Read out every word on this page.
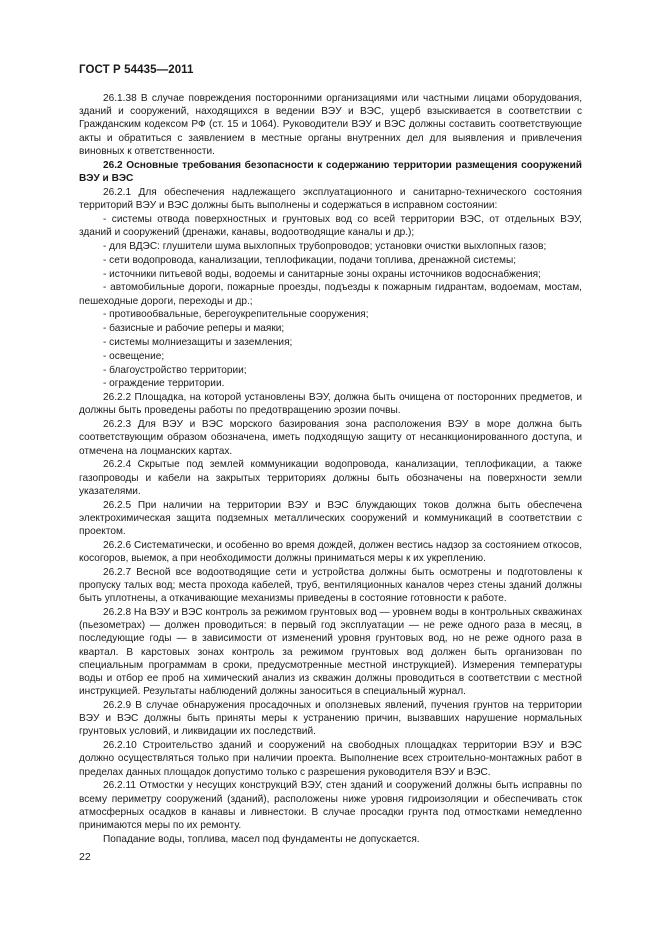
ГОСТ Р 54435—2011

26.1.38 В случае повреждения посторонними организациями или частными лицами оборудования, зданий и сооружений, находящихся в ведении ВЭУ и ВЭС, ущерб взыскивается в соответствии с Гражданским кодексом РФ (ст. 15 и 1064). Руководители ВЭУ и ВЭС должны составить соответствующие акты и обратиться с заявлением в местные органы внутренних дел для выявления и привлечения виновных к ответственности.

26.2 Основные требования безопасности к содержанию территории размещения сооружений ВЭУ и ВЭС

26.2.1 Для обеспечения надлежащего эксплуатационного и санитарно-технического состояния территорий ВЭУ и ВЭС должны быть выполнены и содержаться в исправном состоянии:

- системы отвода поверхностных и грунтовых вод со всей территории ВЭС, от отдельных ВЭУ, зданий и сооружений (дренажи, канавы, водоотводящие каналы и др.);

- для ВДЭС: глушители шума выхлопных трубопроводов; установки очистки выхлопных газов;

- сети водопровода, канализации, теплофикации, подачи топлива, дренажной системы;

- источники питьевой воды, водоемы и санитарные зоны охраны источников водоснабжения;

- автомобильные дороги, пожарные проезды, подъезды к пожарным гидрантам, водоемам, мостам, пешеходные дороги, переходы и др.;

- противообвальные, берегоукрепительные сооружения;

- базисные и рабочие реперы и маяки;

- системы молниезащиты и заземления;

- освещение;

- благоустройство территории;

- ограждение территории.

26.2.2 Площадка, на которой установлены ВЭУ, должна быть очищена от посторонних предметов, и должны быть проведены работы по предотвращению эрозии почвы.

26.2.3 Для ВЭУ и ВЭС морского базирования зона расположения ВЭУ в море должна быть соответствующим образом обозначена, иметь подходящую защиту от несанкционированного доступа, и отмечена на лоцманских картах.

26.2.4 Скрытые под землей коммуникации водопровода, канализации, теплофикации, а также газопроводы и кабели на закрытых территориях должны быть обозначены на поверхности земли указателями.

26.2.5 При наличии на территории ВЭУ и ВЭС блуждающих токов должна быть обеспечена электрохимическая защита подземных металлических сооружений и коммуникаций в соответствии с проектом.

26.2.6 Систематически, и особенно во время дождей, должен вестись надзор за состоянием откосов, косогоров, выемок, а при необходимости должны приниматься меры к их укреплению.

26.2.7 Весной все водоотводящие сети и устройства должны быть осмотрены и подготовлены к пропуску талых вод; места прохода кабелей, труб, вентиляционных каналов через стены зданий должны быть уплотнены, а откачивающие механизмы приведены в состояние готовности к работе.

26.2.8 На ВЭУ и ВЭС контроль за режимом грунтовых вод — уровнем воды в контрольных скважинах (пьезометрах) — должен проводиться: в первый год эксплуатации — не реже одного раза в месяц, в последующие годы — в зависимости от изменений уровня грунтовых вод, но не реже одного раза в квартал. В карстовых зонах контроль за режимом грунтовых вод должен быть организован по специальным программам в сроки, предусмотренные местной инструкцией). Измерения температуры воды и отбор ее проб на химический анализ из скважин должны проводиться в соответствии с местной инструкцией. Результаты наблюдений должны заноситься в специальный журнал.

26.2.9 В случае обнаружения просадочных и оползневых явлений, пучения грунтов на территории ВЭУ и ВЭС должны быть приняты меры к устранению причин, вызвавших нарушение нормальных грунтовых условий, и ликвидации их последствий.

26.2.10 Строительство зданий и сооружений на свободных площадках территории ВЭУ и ВЭС должно осуществляться только при наличии проекта. Выполнение всех строительно-монтажных работ в пределах данных площадок допустимо только с разрешения руководителя ВЭУ и ВЭС.

26.2.11 Отмостки у несущих конструкций ВЭУ, стен зданий и сооружений должны быть исправны по всему периметру сооружений (зданий), расположены ниже уровня гидроизоляции и обеспечивать сток атмосферных осадков в канавы и ливнестоки. В случае просадки грунта под отмостками немедленно принимаются меры по их ремонту.

Попадание воды, топлива, масел под фундаменты не допускается.

22
